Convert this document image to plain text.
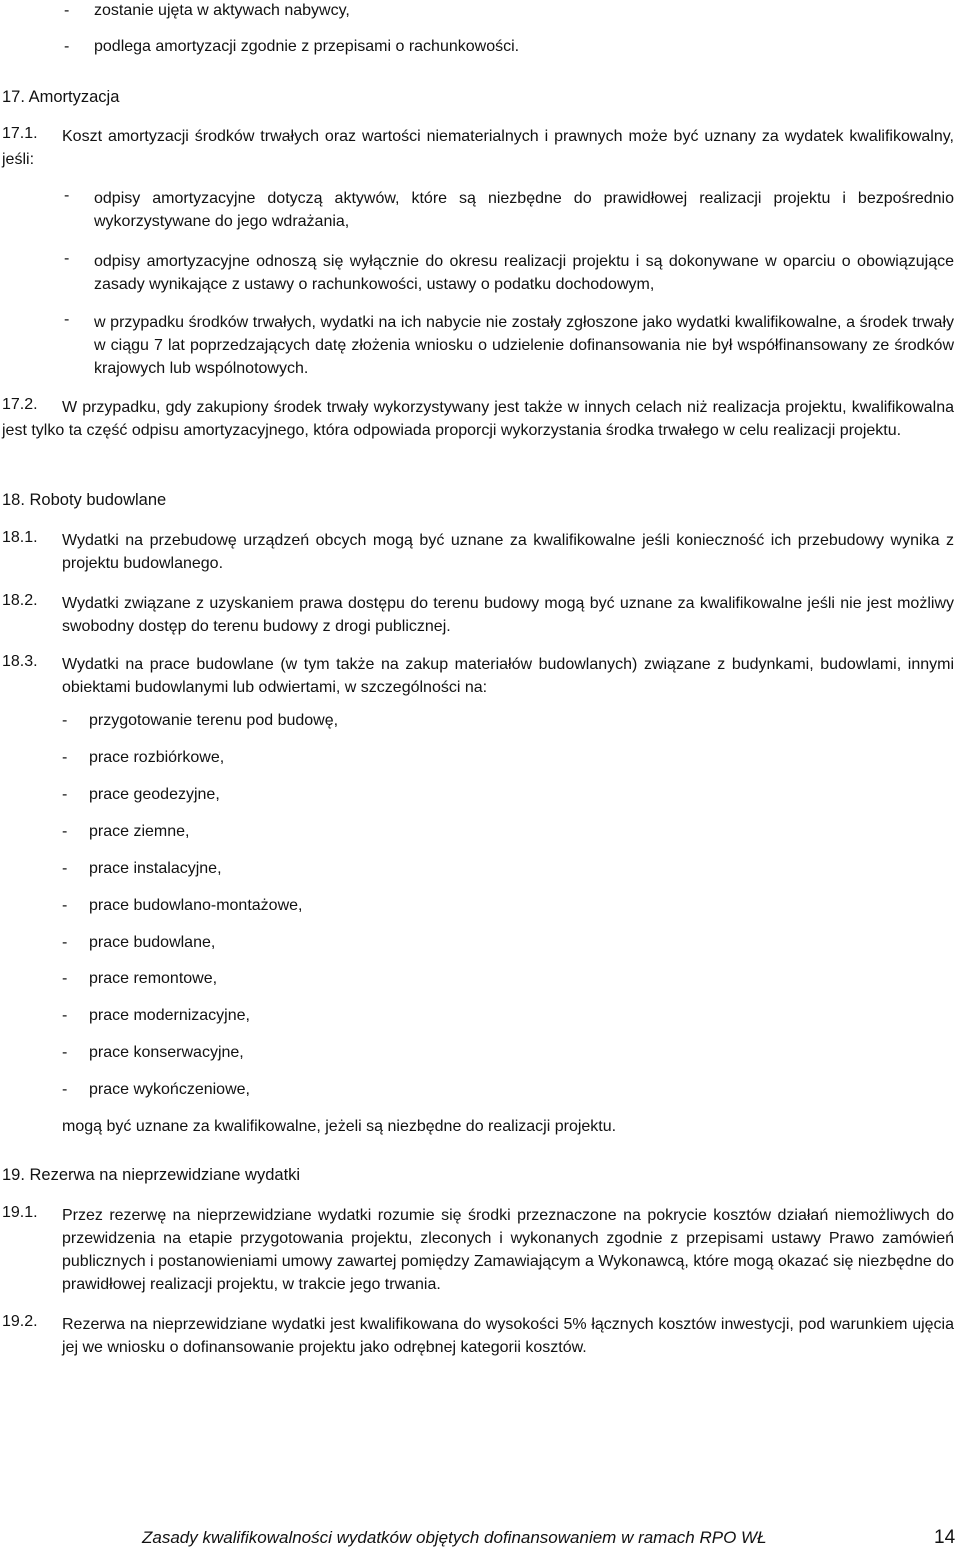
- zostanie ujęta w aktywach nabywcy,
- podlega amortyzacji zgodnie z przepisami o rachunkowości.
17. Amortyzacja
17.1.	Koszt amortyzacji środków trwałych oraz wartości niematerialnych i prawnych może być uznany za wydatek kwalifikowalny, jeśli:
- odpisy amortyzacyjne dotyczą aktywów, które są niezbędne do prawidłowej realizacji projektu i bezpośrednio wykorzystywane do jego wdrażania,
- odpisy amortyzacyjne odnoszą się wyłącznie do okresu realizacji projektu i są dokonywane w oparciu o obowiązujące zasady wynikające z ustawy o rachunkowości, ustawy o podatku dochodowym,
- w przypadku środków trwałych, wydatki na ich nabycie nie zostały zgłoszone jako wydatki kwalifikowalne, a środek trwały w ciągu 7 lat poprzedzających datę złożenia wniosku o udzielenie dofinansowania nie był współfinansowany ze środków krajowych lub wspólnotowych.
17.2.	W przypadku, gdy zakupiony środek trwały wykorzystywany jest także w innych celach niż realizacja projektu, kwalifikowalna jest tylko ta część odpisu amortyzacyjnego, która odpowiada proporcji wykorzystania środka trwałego w celu realizacji projektu.
18. Roboty budowlane
18.1. Wydatki na przebudowę urządzeń obcych mogą być uznane za kwalifikowalne jeśli konieczność ich przebudowy wynika z projektu budowlanego.
18.2. Wydatki związane z uzyskaniem prawa dostępu do terenu budowy mogą być uznane za kwalifikowalne jeśli nie jest możliwy swobodny dostęp do terenu budowy z drogi publicznej.
18.3. Wydatki na prace budowlane (w tym także na zakup materiałów budowlanych) związane z budynkami, budowlami, innymi obiektami budowlanymi lub odwiertami, w szczególności na:
- przygotowanie terenu pod budowę,
- prace rozbiórkowe,
- prace geodezyjne,
- prace ziemne,
- prace instalacyjne,
- prace budowlano-montażowe,
- prace budowlane,
- prace remontowe,
- prace modernizacyjne,
- prace konserwacyjne,
- prace wykończeniowe,
mogą być uznane za kwalifikowalne, jeżeli są niezbędne do realizacji projektu.
19. Rezerwa na nieprzewidziane wydatki
19.1. Przez rezerwę na nieprzewidziane wydatki rozumie się środki przeznaczone na pokrycie kosztów działań niemożliwych do przewidzenia na etapie przygotowania projektu, zleconych i wykonanych zgodnie z przepisami ustawy Prawo zamówień publicznych i postanowieniami umowy zawartej pomiędzy Zamawiającym a Wykonawcą, które mogą okazać się niezbędne do prawidłowej realizacji projektu, w trakcie jego trwania.
19.2. Rezerwa na nieprzewidziane wydatki jest kwalifikowana do wysokości 5% łącznych kosztów inwestycji, pod warunkiem ujęcia jej we wniosku o dofinansowanie projektu jako odrębnej kategorii kosztów.
Zasady kwalifikowalności wydatków objętych dofinansowaniem w ramach RPO WŁ	14
